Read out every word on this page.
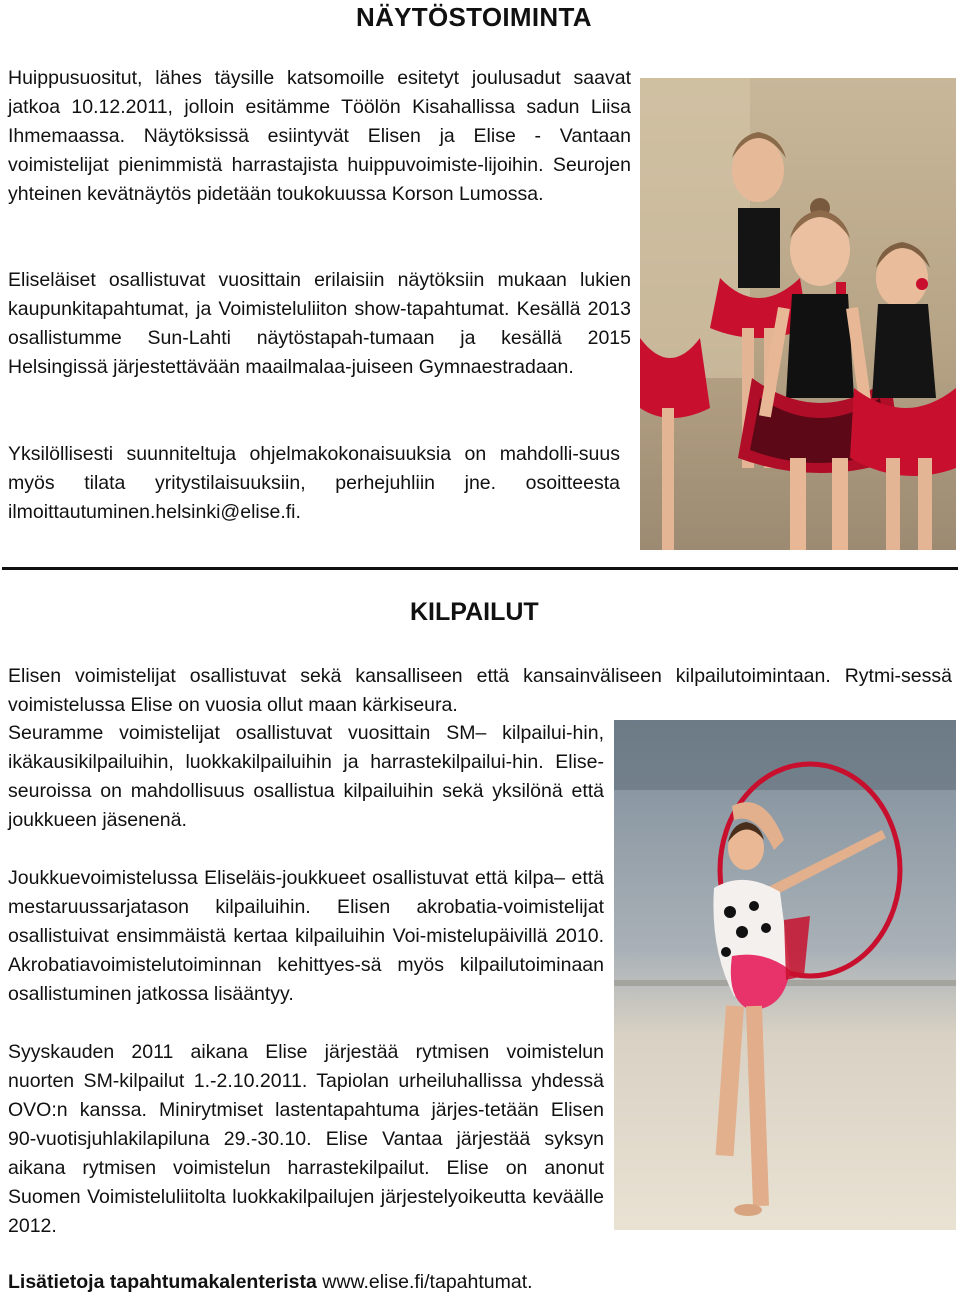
NÄYTÖSTOIMINTA
Huippusuositut, lähes täysille katsomoille esitetyt joulusadut saavat jatkoa 10.12.2011, jolloin esitämme Töölön Kisahallissa sadun Liisa Ihmemaassa. Näytöksissä esiintyvät Elisen ja Elise - Vantaan voimistelijat pienimmistä harrastajista huippuvoimiste-lijoihin. Seurojen yhteinen kevätnäytös pidetään toukokuussa Korson Lumossa.
Eliseläiset osallistuvat vuosittain erilaisiin näytöksiin mukaan lukien kaupunkitapahtumat, ja Voimisteluliiton show-tapahtumat. Kesällä 2013 osallistumme Sun-Lahti näytöstapah-tumaan ja kesällä 2015 Helsingissä järjestettävään maailmalaa-juiseen Gymnaestradaan.
Yksilöllisesti suunniteltuja ohjelmakokonaisuuksia on mahdolli-suus myös tilata yritystilaisuuksiin, perhejuhliin jne. osoitteesta ilmoittautuminen.helsinki@elise.fi.
KILPAILUT
Elisen voimistelijat osallistuvat sekä kansalliseen että kansainväliseen kilpailutoimintaan. Rytmi-sessä voimistelussa Elise on vuosia ollut maan kärkiseura.
Seuramme voimistelijat osallistuvat vuosittain SM– kilpailui-hin, ikäkausikilpailuihin, luokkakilpailuihin ja harrastekilpailui-hin. Elise-seuroissa on mahdollisuus osallistua kilpailuihin sekä yksilönä että joukkueen jäsenenä.
Joukkuevoimistelussa Eliseläis-joukkueet osallistuvat että kilpa– että mestaruussarjatason kilpailuihin. Elisen akrobatia-voimistelijat osallistuivat ensimmäistä kertaa kilpailuihin Voi-mistelupäivillä 2010. Akrobatiavoimistelutoiminnan kehittyes-sä myös kilpailutoiminaan osallistuminen jatkossa lisääntyy.
Syyskauden 2011 aikana Elise järjestää rytmisen voimistelun nuorten SM-kilpailut 1.-2.10.2011. Tapiolan urheiluhallissa yhdessä OVO:n kanssa. Minirytmiset lastentapahtuma järjes-tetään Elisen 90-vuotisjuhlakilapiluna 29.-30.10. Elise Vantaa järjestää syksyn aikana rytmisen voimistelun harrastekilpailut. Elise on anonut Suomen Voimisteluliitolta luokkakilpailujen järjestelyoikeutta keväälle 2012.
Lisätietoja tapahtumakalenterista www.elise.fi/tapahtumat.
